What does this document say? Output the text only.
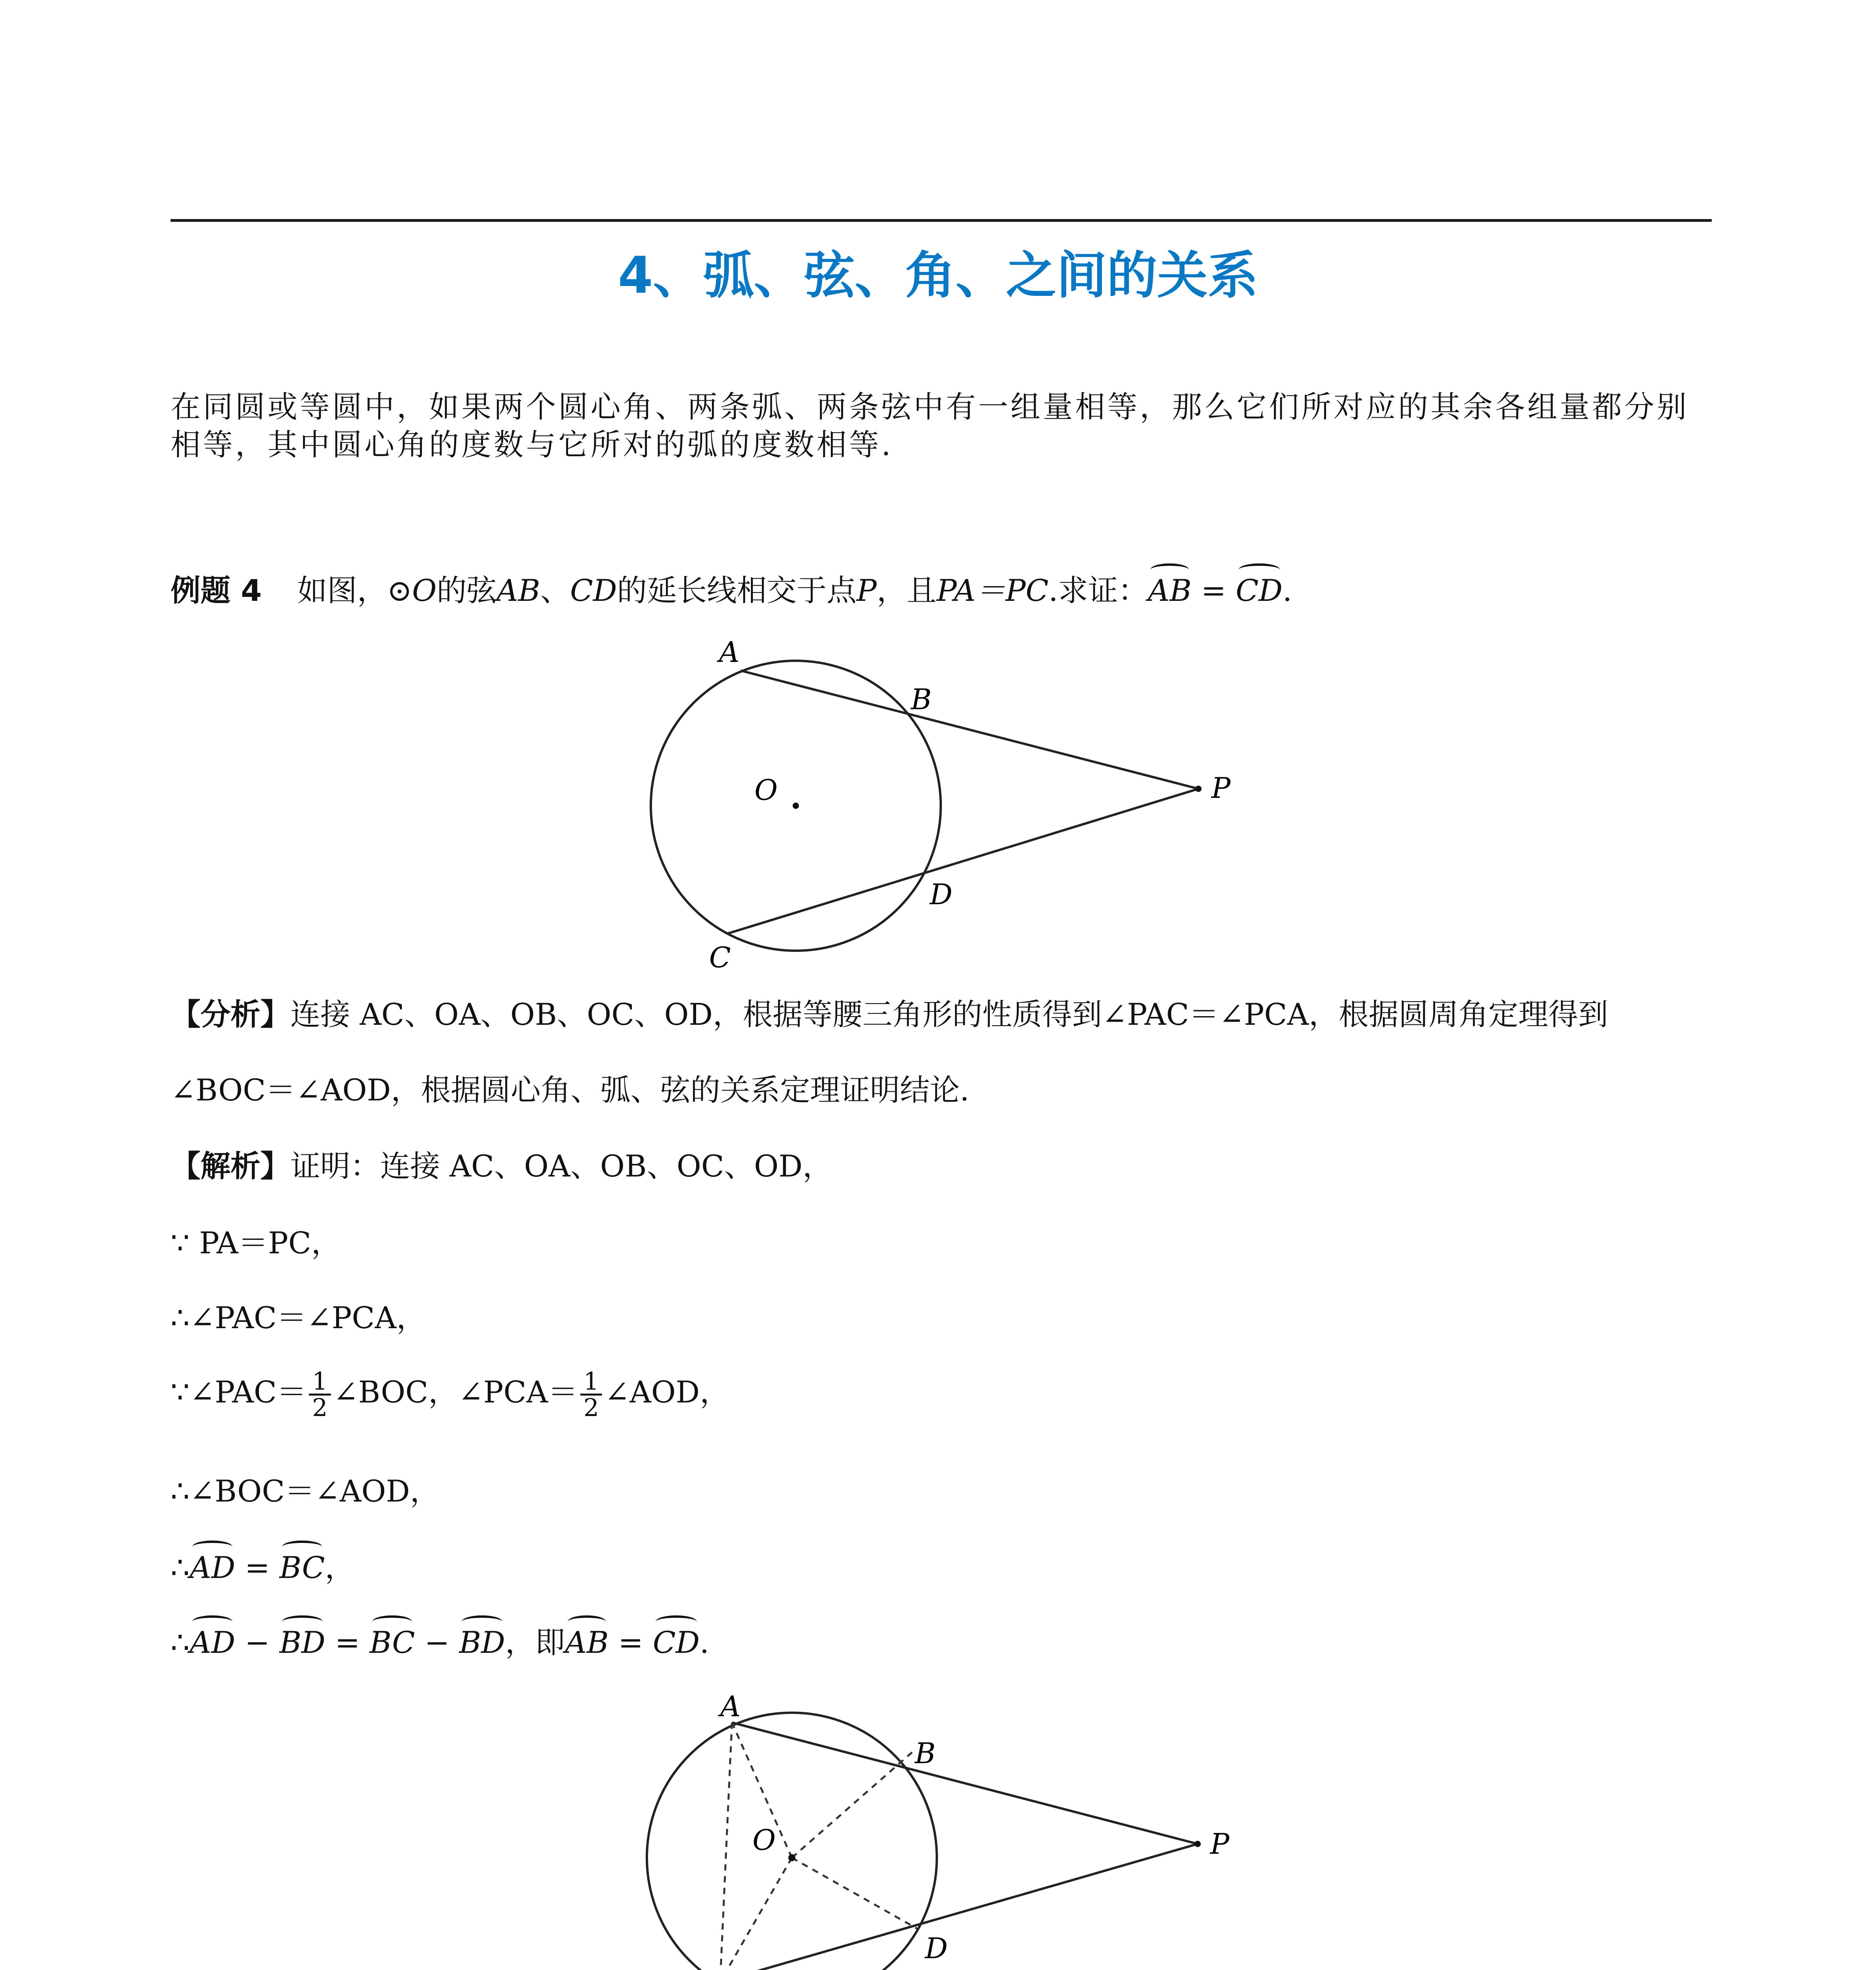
4、弧、弦、角、之间的关系
在同圆或等圆中，如果两个圆心角、两条弧、两条弦中有一组量相等，那么它们所对应的其余各组量都分别相等，其中圆心角的度数与它所对的弧的度数相等.
例题 4 如图，⊙O的弦AB、CD的延长线相交于点P，且PA＝PC.求证：AB = CD.
A
B
O	P
D
C
【分析】连接 AC、OA、OB、OC、OD，根据等腰三角形的性质得到∠PAC＝∠PCA，根据圆周角定理得到
∠BOC＝∠AOD，根据圆心角、弧、弦的关系定理证明结论.
【解析】证明：连接 AC、OA、OB、OC、OD，
∵ PA＝PC，
∴∠PAC＝∠PCA，
∵∠PAC＝ $\frac{1}{2}$ ∠BOC，∠PCA＝ $\frac{1}{2}$ ∠AOD，
∴∠BOC＝∠AOD，
∴AD = BC，
∴AD − BD = BC − BD，即AB = CD.
A
B
O	P
D
